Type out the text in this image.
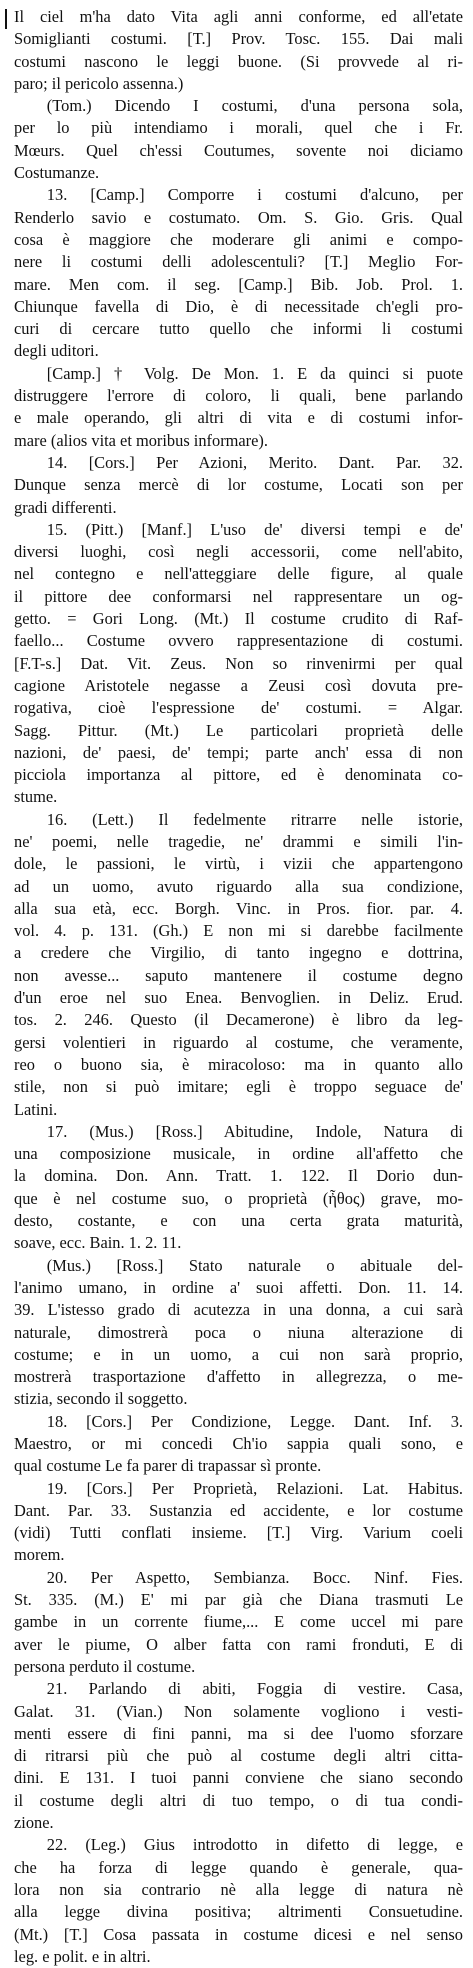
Il ciel m'ha dato Vita agli anni conforme, ed all'etate
Somiglianti costumi. [T.] Prov. Tosc. 155. Dai mali
costumi nascono le leggi buone. (Si provvede al ri-
paro; il pericolo assenna.)
(Tom.) Dicendo I costumi, d'una persona sola,
per lo più intendiamo i morali, quel che i Fr.
Mœurs. Quel ch'essi Coutumes, sovente noi diciamo
Costumanze.
13. [Camp.] Comporre i costumi d'alcuno, per
Renderlo savio e costumato. Om. S. Gio. Gris. Qual
cosa è maggiore che moderare gli animi e compo-
nere li costumi delli adolescentuli? [T.] Meglio For-
mare. Men com. il seg. [Camp.] Bib. Job. Prol. 1.
Chiunque favella di Dio, è di necessitade ch'egli pro-
curi di cercare tutto quello che informi li costumi
degli uditori.
[Camp.] † Volg. De Mon. 1. E da quinci si puote
distruggere l'errore di coloro, li quali, bene parlando
e male operando, gli altri di vita e di costumi infor-
mare (alios vita et moribus informare).
14. [Cors.] Per Azioni, Merito. Dant. Par. 32.
Dunque senza mercè di lor costume, Locati son per
gradi differenti.
15. (Pitt.) [Manf.] L'uso de' diversi tempi e de'
diversi luoghi, così negli accessorii, come nell'abito,
nel contegno e nell'atteggiare delle figure, al quale
il pittore dee conformarsi nel rappresentare un og-
getto. = Gori Long. (Mt.) Il costume crudito di Raf-
faello... Costume ovvero rappresentazione di costumi.
[F.T-s.] Dat. Vit. Zeus. Non so rinvenirmi per qual
cagione Aristotele negasse a Zeusi così dovuta pre-
rogativa, cioè l'espressione de' costumi. = Algar.
Sagg. Pittur. (Mt.) Le particolari proprietà delle
nazioni, de' paesi, de' tempi; parte anch' essa di non
picciola importanza al pittore, ed è denominata co-
stume.
16. (Lett.) Il fedelmente ritrarre nelle istorie,
ne' poemi, nelle tragedie, ne' drammi e simili l'in-
dole, le passioni, le virtù, i vizii che appartengono
ad un uomo, avuto riguardo alla sua condizione,
alla sua età, ecc. Borgh. Vinc. in Pros. fior. par. 4.
vol. 4. p. 131. (Gh.) E non mi si darebbe facilmente
a credere che Virgilio, di tanto ingegno e dottrina,
non avesse... saputo mantenere il costume degno
d'un eroe nel suo Enea. Benvoglien. in Deliz. Erud.
tos. 2. 246. Questo (il Decamerone) è libro da leg-
gersi volentieri in riguardo al costume, che veramente,
reo o buono sia, è miracoloso: ma in quanto allo
stile, non si può imitare; egli è troppo seguace de'
Latini.
17. (Mus.) [Ross.] Abitudine, Indole, Natura di
una composizione musicale, in ordine all'affetto che
la domina. Don. Ann. Tratt. 1. 122. Il Dorio dun-
que è nel costume suo, o proprietà (ἦθος) grave, mo-
desto, costante, e con una certa grata maturità,
soave, ecc. Bain. 1. 2. 11.
(Mus.) [Ross.] Stato naturale o abituale del-
l'animo umano, in ordine a' suoi affetti. Don. 11. 14.
39. L'istesso grado di acutezza in una donna, a cui sarà
naturale, dimostrerà poca o niuna alterazione di
costume; e in un uomo, a cui non sarà proprio,
mostrerà trasportazione d'affetto in allegrezza, o me-
stizia, secondo il soggetto.
18. [Cors.] Per Condizione, Legge. Dant. Inf. 3.
Maestro, or mi concedi Ch'io sappia quali sono, e
qual costume Le fa parer di trapassar sì pronte.
19. [Cors.] Per Proprietà, Relazioni. Lat. Habitus.
Dant. Par. 33. Sustanzia ed accidente, e lor costume
(vidi) Tutti conflati insieme. [T.] Virg. Varium coeli
morem.
20. Per Aspetto, Sembianza. Bocc. Ninf. Fies.
St. 335. (M.) E' mi par già che Diana trasmuti Le
gambe in un corrente fiume,... E come uccel mi pare
aver le piume, O alber fatta con rami fronduti, E di
persona perduto il costume.
21. Parlando di abiti, Foggia di vestire. Casa,
Galat. 31. (Vian.) Non solamente vogliono i vesti-
menti essere di fini panni, ma si dee l'uomo sforzare
di ritrarsi più che può al costume degli altri citta-
dini. E 131. I tuoi panni conviene che siano secondo
il costume degli altri di tuo tempo, o di tua condi-
zione.
22. (Leg.) Gius introdotto in difetto di legge, e
che ha forza di legge quando è generale, qua-
lora non sia contrario nè alla legge di natura nè
alla legge divina positiva; altrimenti Consuetudine.
(Mt.) [T.] Cosa passata in costume dicesi e nel senso
leg. e polit. e in altri.
